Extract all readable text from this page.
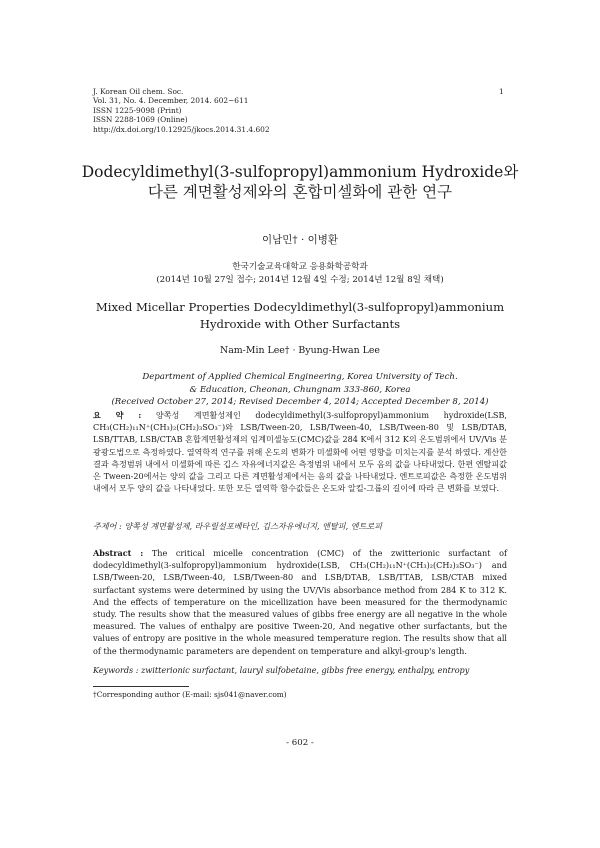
J. Korean Oil chem. Soc.
Vol. 31, No. 4. December, 2014. 602~611
ISSN 1225-9098 (Print)
ISSN 2288-1069 (Online)
http://dx.doi.org/10.12925/jkocs.2014.31.4.602
1
Dodecyldimethyl(3-sulfopropyl)ammonium Hydroxide와
다른 계면활성제와의 혼합미셀화에 관한 연구
이남민† · 이병환
한국기술교육대학교 응용화학공학과
(2014년 10월 27일 접수; 2014년 12월 4일 수정; 2014년 12월 8일 채택)
Mixed Micellar Properties Dodecyldimethyl(3-sulfopropyl)ammonium
Hydroxide with Other Surfactants
Nam-Min Lee† · Byung-Hwan Lee
Department of Applied Chemical Engineering, Korea University of Tech.
& Education, Cheonan, Chungnam 333-860, Korea
(Received October 27, 2014; Revised December 4, 2014; Accepted December 8, 2014)
요 약 : 양쪽성 계면활성제인 dodecyldimethyl(3-sulfopropyl)ammonium hydroxide(LSB, CH₃(CH₂)₁₁N⁺(CH₃)₂(CH₂)₃SO₃⁻)와 LSB/Tween-20, LSB/Tween-40, LSB/Tween-80 및 LSB/DTAB, LSB/TTAB, LSB/CTAB 혼합계면활성제의 임계미셀농도(CMC)값을 284 K에서 312 K의 온도범위에서 UV/Vis 분광광도법으로 측정하였다. 열역학적 연구를 위해 온도의 변화가 미셀화에 어떤 영향을 미치는지를 분석 하였다. 계산한 결과 측정범위 내에서 미셀화에 따른 깁스 자유에너지값은 측정범위 내에서 모두 음의 값을 나타내었다. 한편 엔탈피값은 Tween-20에서는 양의 값을 그리고 다른 계면활성제에서는 음의 값을 나타내었다. 엔트로피값은 측정한 온도범위 내에서 모두 양의 값을 나타내었다. 또한 모든 열역학 함수값들은 온도와 알킬-그룹의 길이에 따라 큰 변화를 보였다.
주제어 : 양쪽성 계면활성제, 라우릴설포베타인, 깁스자유에너지, 엔탈피, 엔트로피
Abstract : The critical micelle concentration (CMC) of the zwitterionic surfactant of dodecyldimethyl(3-sulfopropyl)ammonium hydroxide(LSB, CH₃(CH₂)₁₁N⁺(CH₃)₂(CH₂)₃SO₃⁻) and LSB/Tween-20, LSB/Tween-40, LSB/Tween-80 and LSB/DTAB, LSB/TTAB, LSB/CTAB mixed surfactant systems were determined by using the UV/Vis absorbance method from 284 K to 312 K. And the effects of temperature on the micellization have been measured for the thermodynamic study. The results show that the measured values of gibbs free energy are all negative in the whole measured. The values of enthalpy are positive Tween-20, And negative other surfactants, but the values of entropy are positive in the whole measured temperature region. The results show that all of the thermodynamic parameters are dependent on temperature and alkyl-group's length.
Keywords : zwitterionic surfactant, lauryl sulfobetaine, gibbs free energy, enthalpy, entropy
†Corresponding author (E-mail: sjs041@naver.com)
- 602 -
